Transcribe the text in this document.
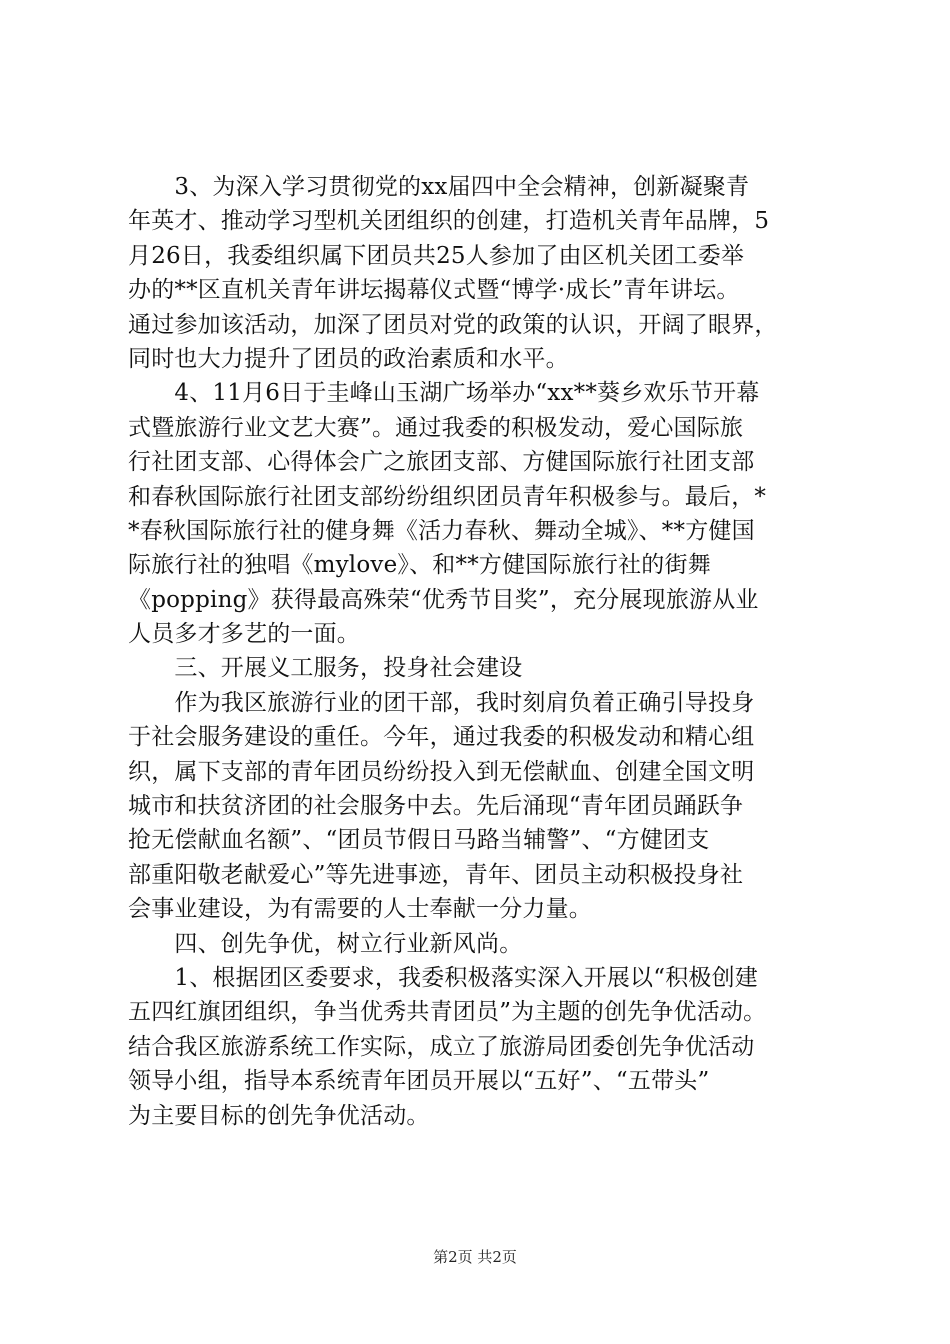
　　3、为深入学习贯彻党的xx届四中全会精神，创新凝聚青
年英才、推动学习型机关团组织的创建，打造机关青年品牌，5
月26日，我委组织属下团员共25人参加了由区机关团工委举
办的**区直机关青年讲坛揭幕仪式暨“博学·成长”青年讲坛。
通过参加该活动，加深了团员对党的政策的认识，开阔了眼界，
同时也大力提升了团员的政治素质和水平。
　　4、11月6日于圭峰山玉湖广场举办“xx**葵乡欢乐节开幕
式暨旅游行业文艺大赛”。通过我委的积极发动，爱心国际旅
行社团支部、心得体会广之旅团支部、方健国际旅行社团支部
和春秋国际旅行社团支部纷纷组织团员青年积极参与。最后，*
*春秋国际旅行社的健身舞《活力春秋、舞动全城》、**方健国
际旅行社的独唱《mylove》、和**方健国际旅行社的街舞
《popping》获得最高殊荣“优秀节目奖”，充分展现旅游从业
人员多才多艺的一面。
　　三、开展义工服务，投身社会建设
　　作为我区旅游行业的团干部，我时刻肩负着正确引导投身
于社会服务建设的重任。今年，通过我委的积极发动和精心组
织，属下支部的青年团员纷纷投入到无偿献血、创建全国文明
城市和扶贫济团的社会服务中去。先后涌现“青年团员踊跃争
抢无偿献血名额”、“团员节假日马路当辅警”、“方健团支
部重阳敬老献爱心”等先进事迹，青年、团员主动积极投身社
会事业建设，为有需要的人士奉献一分力量。
　　四、创先争优，树立行业新风尚。
　　1、根据团区委要求，我委积极落实深入开展以“积极创建
五四红旗团组织，争当优秀共青团员”为主题的创先争优活动。
结合我区旅游系统工作实际，成立了旅游局团委创先争优活动
领导小组，指导本系统青年团员开展以“五好”、“五带头”
为主要目标的创先争优活动。
第2页 共2页
